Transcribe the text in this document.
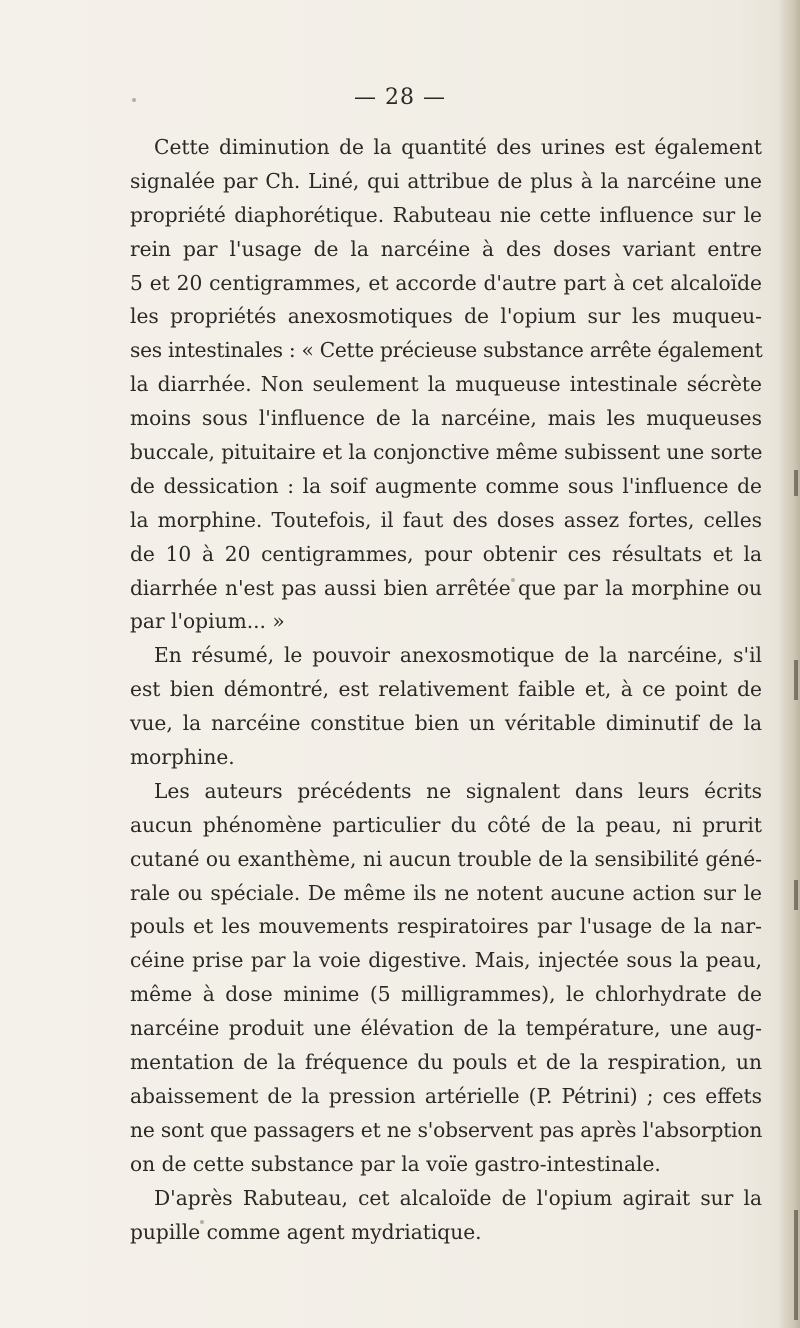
— 28 —
Cette diminution de la quantité des urines est également
signalée par Ch. Liné, qui attribue de plus à la narcéine une
propriété diaphorétique. Rabuteau nie cette influence sur le
rein par l'usage de la narcéine à des doses variant entre
5 et 20 centigrammes, et accorde d'autre part à cet alcaloïde
les propriétés anexosmotiques de l'opium sur les muqueu-
ses intestinales : « Cette précieuse substance arrête également
la diarrhée. Non seulement la muqueuse intestinale sécrète
moins sous l'influence de la narcéine, mais les muqueuses
buccale, pituitaire et la conjonctive même subissent une sorte
de dessication : la soif augmente comme sous l'influence de
la morphine. Toutefois, il faut des doses assez fortes, celles
de 10 à 20 centigrammes, pour obtenir ces résultats et la
diarrhée n'est pas aussi bien arrêtée que par la morphine ou
par l'opium... »
En résumé, le pouvoir anexosmotique de la narcéine, s'il
est bien démontré, est relativement faible et, à ce point de
vue, la narcéine constitue bien un véritable diminutif de la
morphine.
Les auteurs précédents ne signalent dans leurs écrits
aucun phénomène particulier du côté de la peau, ni prurit
cutané ou exanthème, ni aucun trouble de la sensibilité géné-
rale ou spéciale. De même ils ne notent aucune action sur le
pouls et les mouvements respiratoires par l'usage de la nar-
céine prise par la voie digestive. Mais, injectée sous la peau,
même à dose minime (5 milligrammes), le chlorhydrate de
narcéine produit une élévation de la température, une aug-
mentation de la fréquence du pouls et de la respiration, un
abaissement de la pression artérielle (P. Pétrini) ; ces effets
ne sont que passagers et ne s'observent pas après l'absorption
on de cette substance par la voïe gastro-intestinale.
D'après Rabuteau, cet alcaloïde de l'opium agirait sur la
pupille comme agent mydriatique.
